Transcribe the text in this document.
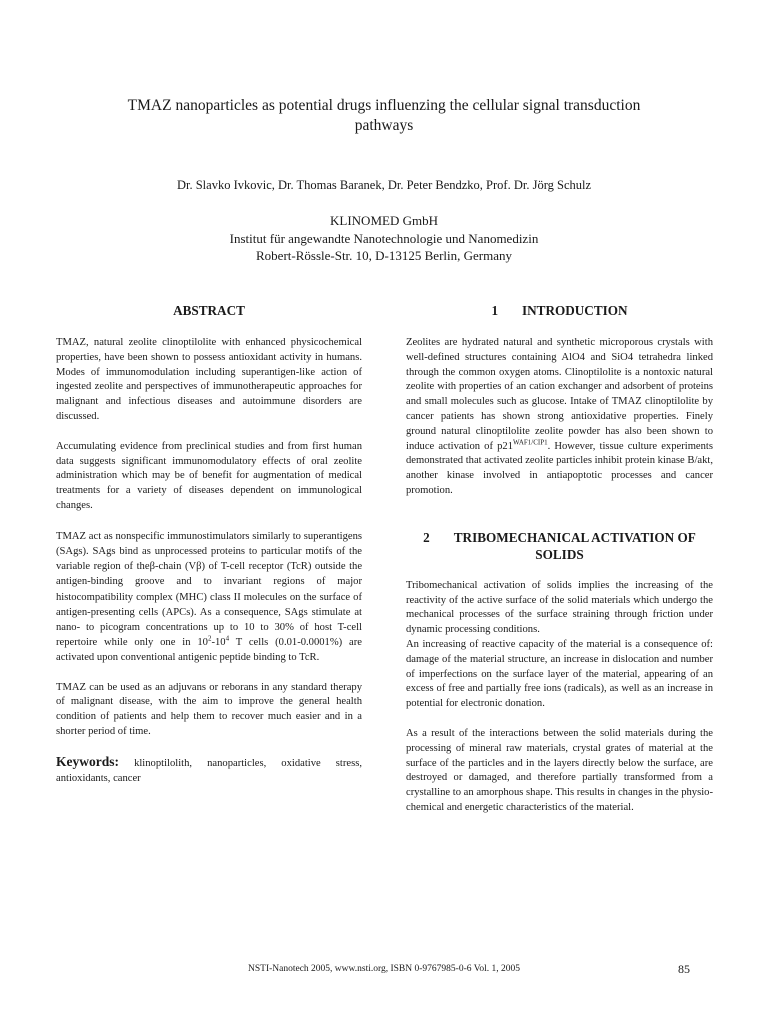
TMAZ nanoparticles as potential drugs influenzing the cellular signal transduction
pathways
Dr. Slavko Ivkovic, Dr. Thomas Baranek, Dr. Peter Bendzko, Prof. Dr. Jörg Schulz
KLINOMED GmbH
Institut für angewandte Nanotechnologie und Nanomedizin
Robert-Rössle-Str. 10, D-13125 Berlin, Germany
ABSTRACT

TMAZ, natural zeolite clinoptilolite with enhanced physicochemical properties, have been shown to possess antioxidant activity in humans. Modes of immunomodulation including superantigen-like action of ingested zeolite and perspectives of immunotherapeutic approaches for malignant and infectious diseases and autoimmune disorders are discussed.

Accumulating evidence from preclinical studies and from first human data suggests significant immunomodulatory effects of oral zeolite administration which may be of benefit for augmentation of medical treatments for a variety of diseases dependent on immunological changes.

TMAZ act as nonspecific immunostimulators similarly to superantigens (SAgs). SAgs bind as unprocessed proteins to particular motifs of the variable region of theβ-chain (Vβ) of T-cell receptor (TcR) outside the antigen-binding groove and to invariant regions of major histocompatibility complex (MHC) class II molecules on the surface of antigen-presenting cells (APCs). As a consequence, SAgs stimulate at nano- to picogram concentrations up to 10 to 30% of host T-cell repertoire while only one in $10^2-10^4$ T cells (0.01-0.0001%) are activated upon conventional antigenic peptide binding to TcR.

TMAZ can be used as an adjuvans or reborans in any standard therapy of malignant disease, with the aim to improve the general health condition of patients and help them to recover much easier and in a shorter period of time.

Keywords: klinoptilolith, nanoparticles, oxidative stress, antioxidants, cancer

1 INTRODUCTION

Zeolites are hydrated natural and synthetic microporous crystals with well-defined structures containing AlO4 and SiO4 tetrahedra linked through the common oxygen atoms. Clinoptilolite is a nontoxic natural zeolite with properties of an cation exchanger and adsorbent of proteins and small molecules such as glucose. Intake of TMAZ clinoptilolite by cancer patients has shown strong antioxidative properties. Finely ground natural clinoptilolite zeolite powder has also been shown to induce activation of $p21^{WAF1/CIP1}$. However, tissue culture experiments demonstrated that activated zeolite particles inhibit protein kinase B/akt, another kinase involved in antiapoptotic processes and cancer promotion.

2 TRIBOMECHANICAL ACTIVATION OF SOLIDS

Tribomechanical activation of solids implies the increasing of the reactivity of the active surface of the solid materials which undergo the mechanical processes of the surface straining through friction under dynamic processing conditions.

An increasing of reactive capacity of the material is a consequence of: damage of the material structure, an increase in dislocation and number of imperfections on the surface layer of the material, appearing of an excess of free and partially free ions (radicals), as well as an increase in potential for electronic donation.

As a result of the interactions between the solid materials during the processing of mineral raw materials, crystal grates of material at the surface of the particles and in the layers directly below the surface, are destroyed or damaged, and therefore partially transformed from a crystalline to an amorphous shape. This results in changes in the physio-chemical and energetic characteristics of the material.

NSTI-Nanotech 2005, www.nsti.org, ISBN 0-9767985-0-6 Vol. 1, 2005	85
